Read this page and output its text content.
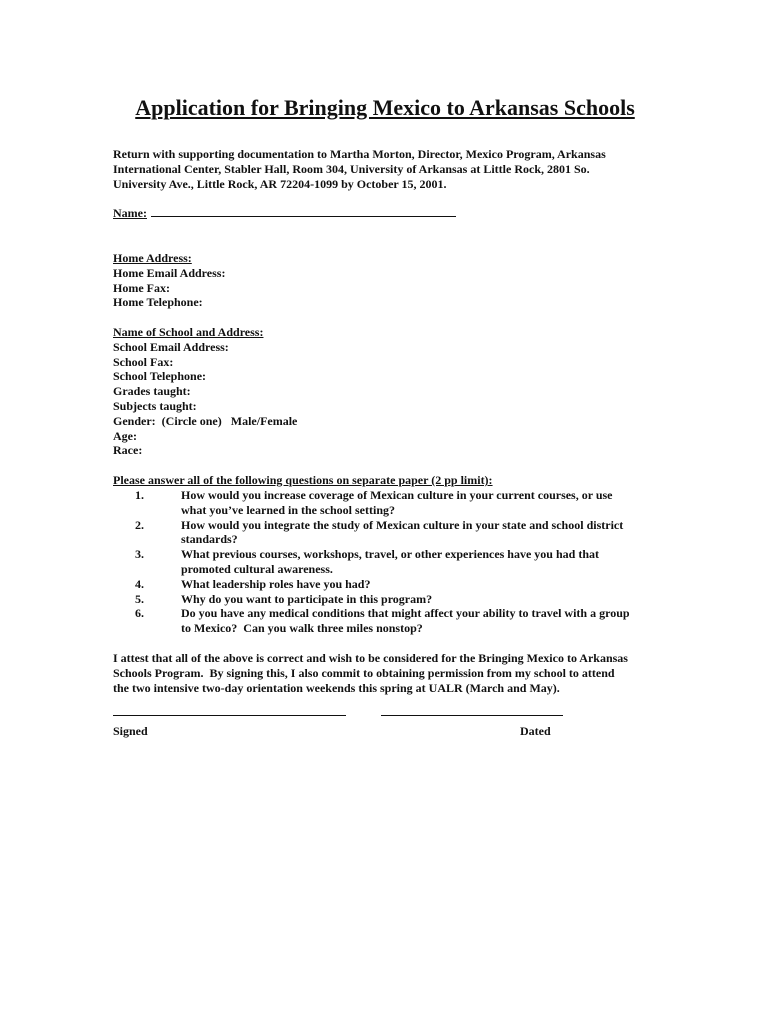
Application for Bringing Mexico to Arkansas Schools
Return with supporting documentation to Martha Morton, Director, Mexico Program, Arkansas
International Center, Stabler Hall, Room 304, University of Arkansas at Little Rock, 2801 So.
University Ave., Little Rock, AR 72204-1099 by October 15, 2001.
Name:
Home Address:
Home Email Address:
Home Fax:
Home Telephone:
Name of School and Address:
School Email Address:
School Fax:
School Telephone:
Grades taught:
Subjects taught:
Gender:  (Circle one)   Male/Female
Age:
Race:
Please answer all of the following questions on separate paper (2 pp limit):
1.	How would you increase coverage of Mexican culture in your current courses, or use
what you’ve learned in the school setting?
2.	How would you integrate the study of Mexican culture in your state and school district
standards?
3.	What previous courses, workshops, travel, or other experiences have you had that
promoted cultural awareness.
4.	What leadership roles have you had?
5.	Why do you want to participate in this program?
6.	Do you have any medical conditions that might affect your ability to travel with a group
to Mexico?  Can you walk three miles nonstop?
I attest that all of the above is correct and wish to be considered for the Bringing Mexico to Arkansas
Schools Program.  By signing this, I also commit to obtaining permission from my school to attend
the two intensive two-day orientation weekends this spring at UALR (March and May).
Signed	Dated
